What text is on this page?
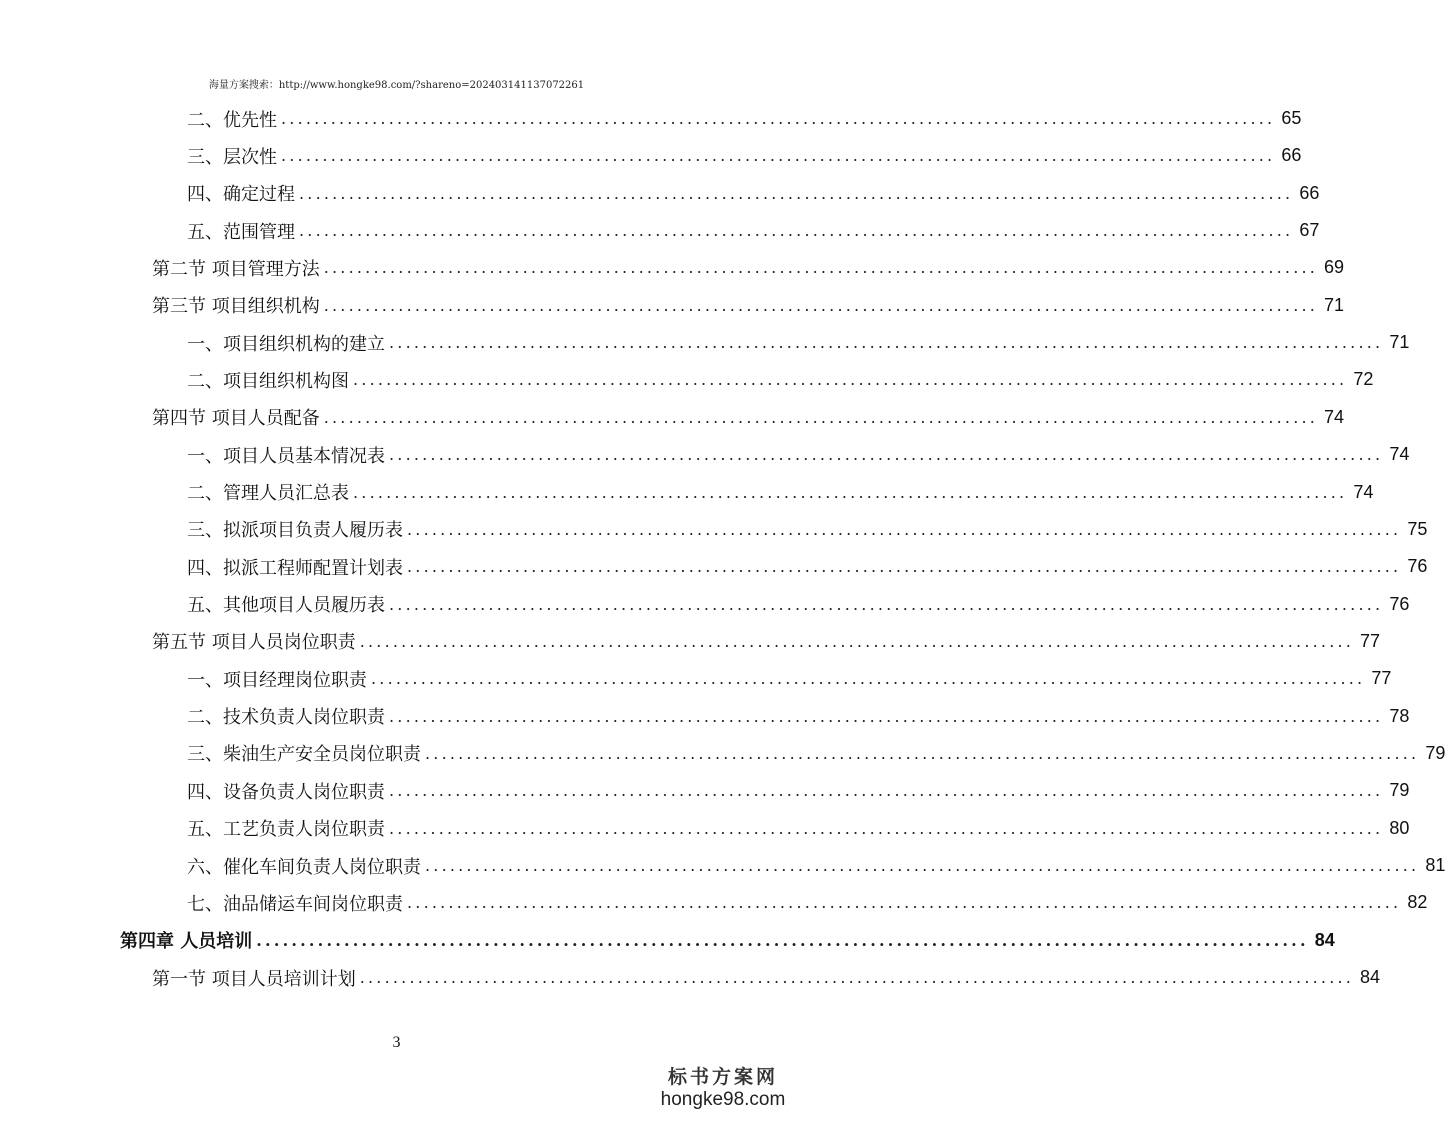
海量方案搜索：http://www.hongke98.com/?shareno=202403141137072261
二、优先性 ........................................................................................................................ 65
三、层次性 ........................................................................................................................ 66
四、确定过程 ........................................................................................................................ 66
五、范围管理 ........................................................................................................................ 67
第二节 项目管理方法 ........................................................................................................................ 69
第三节 项目组织机构 ........................................................................................................................ 71
一、项目组织机构的建立 ........................................................................................................................ 71
二、项目组织机构图 ........................................................................................................................ 72
第四节 项目人员配备 ........................................................................................................................ 74
一、项目人员基本情况表 ........................................................................................................................ 74
二、管理人员汇总表 ........................................................................................................................ 74
三、拟派项目负责人履历表 ........................................................................................................................ 75
四、拟派工程师配置计划表 ........................................................................................................................ 76
五、其他项目人员履历表 ........................................................................................................................ 76
第五节 项目人员岗位职责 ........................................................................................................................ 77
一、项目经理岗位职责 ........................................................................................................................ 77
二、技术负责人岗位职责 ........................................................................................................................ 78
三、柴油生产安全员岗位职责 ........................................................................................................................ 79
四、设备负责人岗位职责 ........................................................................................................................ 79
五、工艺负责人岗位职责 ........................................................................................................................ 80
六、催化车间负责人岗位职责 ........................................................................................................................ 81
七、油品储运车间岗位职责 ........................................................................................................................ 82
第四章 人员培训 ........................................................................................................................ 84
第一节 项目人员培训计划 ........................................................................................................................ 84
3
标书方案网
hongke98.com
